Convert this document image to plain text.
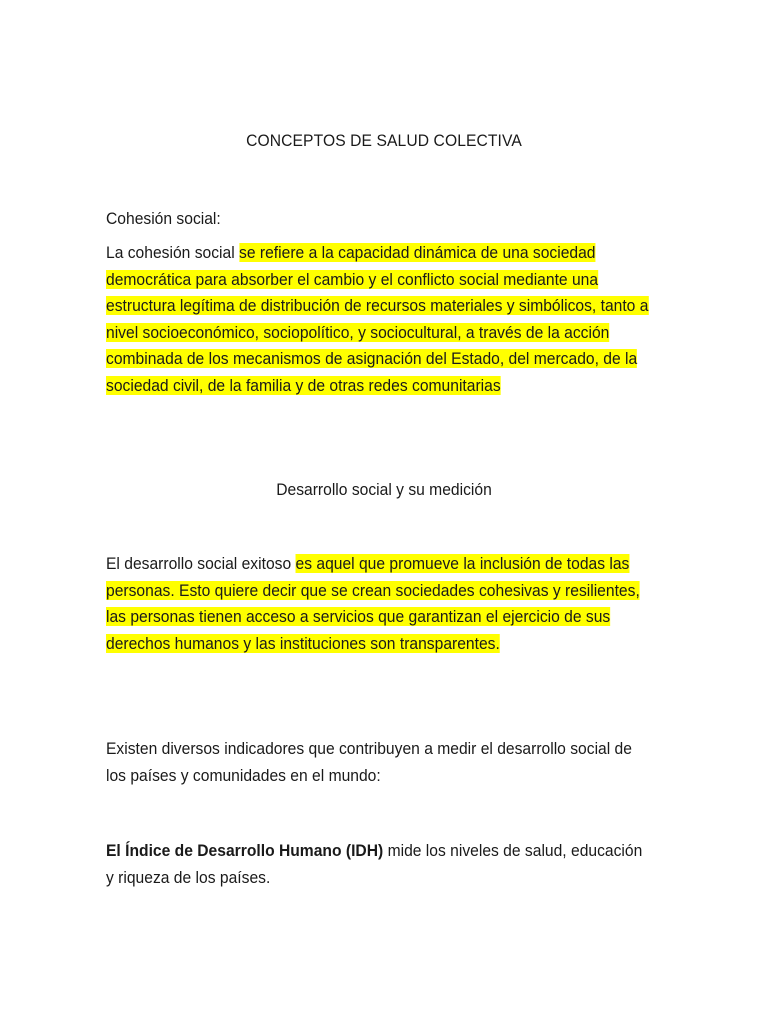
CONCEPTOS DE SALUD COLECTIVA
Cohesión social:
La cohesión social se refiere a la capacidad dinámica de una sociedad democrática para absorber el cambio y el conflicto social mediante una estructura legítima de distribución de recursos materiales y simbólicos, tanto a nivel socioeconómico, sociopolítico, y sociocultural, a través de la acción combinada de los mecanismos de asignación del Estado, del mercado, de la sociedad civil, de la familia y de otras redes comunitarias
Desarrollo social y su medición
El desarrollo social exitoso es aquel que promueve la inclusión de todas las personas. Esto quiere decir que se crean sociedades cohesivas y resilientes, las personas tienen acceso a servicios que garantizan el ejercicio de sus derechos humanos y las instituciones son transparentes.
Existen diversos indicadores que contribuyen a medir el desarrollo social de los países y comunidades en el mundo:
El Índice de Desarrollo Humano (IDH) mide los niveles de salud, educación y riqueza de los países.
